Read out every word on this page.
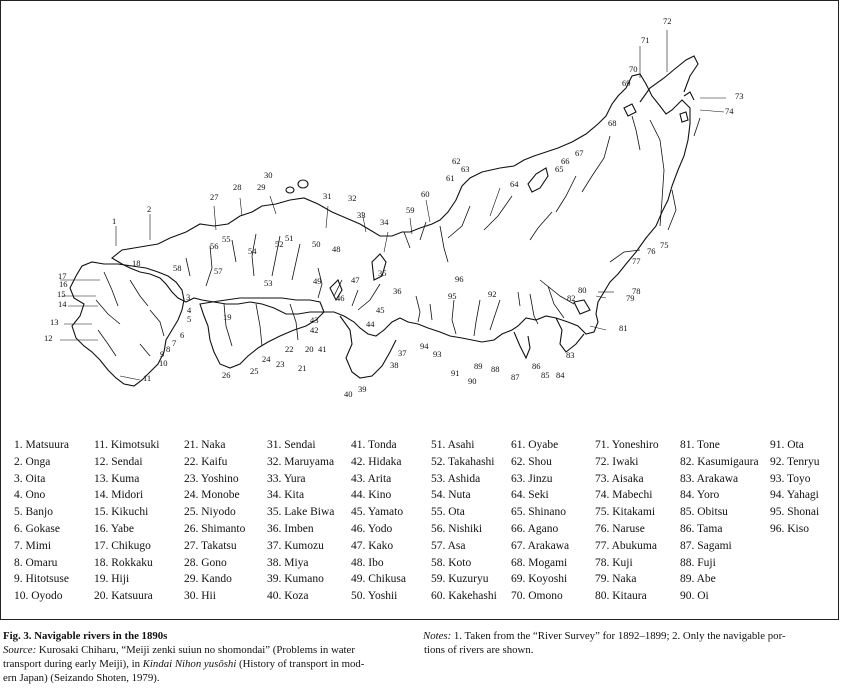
1
2
3
4
5
6
7
8
9
10
11
12
13
14
15
16
17
18
19
20
21
22
23
24
25
26
27
28 29
30
31 32
33
34
35
36
37
38
39
40
41
42
43	44
45
46
47
48
49
50
51
52
53
54
55
56
57
58
59
60
61
62
63
64
65
66
67
68
69
70
71
72
73
74
75
76
77
78
79
80
81
82
83
84
85
86
87
88
89
90
91
92
93
94
95
96
1. Matsuura
2. Onga
3. Oita
4. Ono
5. Banjo
6. Gokase
7. Mimi
8. Omaru
9. Hitotsuse
10. Oyodo
11. Kimotsuki
12. Sendai
13. Kuma
14. Midori
15. Kikuchi
16. Yabe
17. Chikugo
18. Rokkaku
19. Hiji
20. Katsuura
21. Naka
22. Kaifu
23. Yoshino
24. Monobe
25. Niyodo
26. Shimanto
27. Takatsu
28. Gono
29. Kando
30. Hii
31. Sendai
32. Maruyama
33. Yura
34. Kita
35. Lake Biwa
36. Imben
37. Kumozu
38. Miya
39. Kumano
40. Koza
41. Tonda
42. Hidaka
43. Arita
44. Kino
45. Yamato
46. Yodo
47. Kako
48. Ibo
49. Chikusa
50. Yoshii
51. Asahi
52. Takahashi
53. Ashida
54. Nuta
55. Ota
56. Nishiki
57. Asa
58. Koto
59. Kuzuryu
60. Kakehashi
61. Oyabe
62. Shou
63. Jinzu
64. Seki
65. Shinano
66. Agano
67. Arakawa
68. Mogami
69. Koyoshi
70. Omono
71. Yoneshiro
72. Iwaki
73. Aisaka
74. Mabechi
75. Kitakami
76. Naruse
77. Abukuma
78. Kuji
79. Naka
80. Kitaura
81. Tone
82. Kasumigaura
83. Arakawa
84. Yoro
85. Obitsu
86. Tama
87. Sagami
88. Fuji
89. Abe
90. Oi
91. Ota
92. Tenryu
93. Toyo
94. Yahagi
95. Shonai
96. Kiso
Fig. 3. Navigable rivers in the 1890s
Source: Kurosaki Chiharu, “Meiji zenki suiun no shomondai” (Problems in water
transport during early Meiji), in Kindai Nihon yusōshi (History of transport in mod-
ern Japan) (Seizando Shoten, 1979).
Notes: 1. Taken from the “River Survey” for 1892–1899; 2. Only the navigable por-
tions of rivers are shown.
